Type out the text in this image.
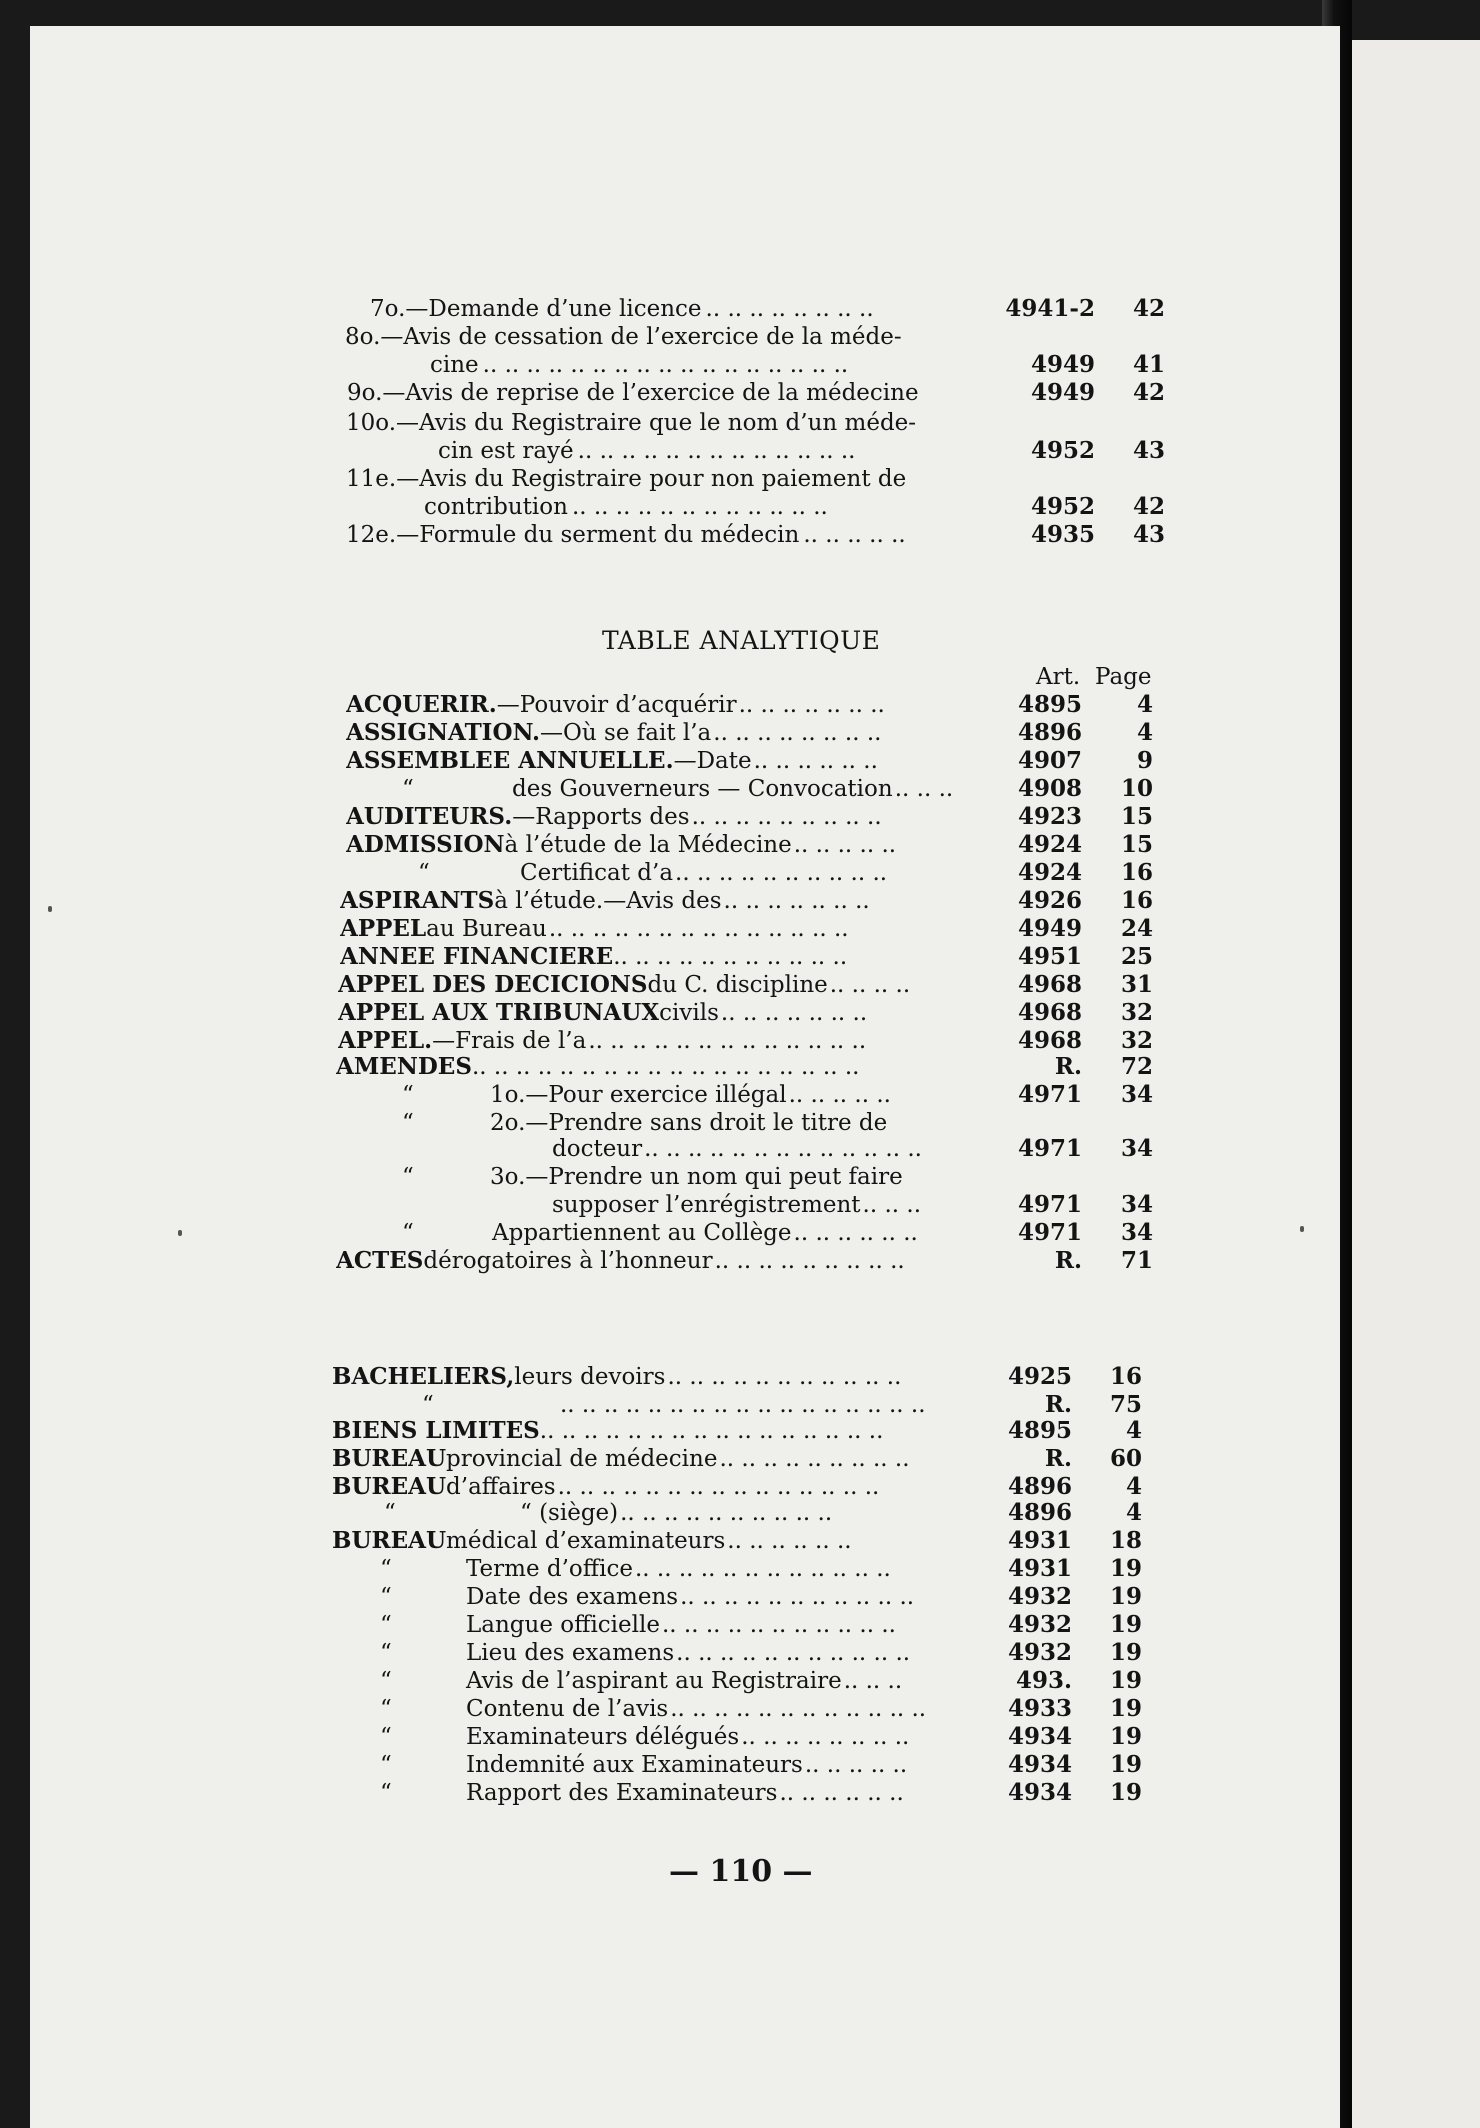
TABLE ANALYTIQUE
Art. Page
— 110 —
7o.—Demande d’une licence .. .. .. .. .. .. .. ..	4941-2	42
8o.—Avis de cessation de l’exercice de la méde-
cine .. .. .. .. .. .. .. .. .. .. .. .. .. .. .. .. ..	4949	41
9o.—Avis de reprise de l’exercice de la médecine	4949	42
10o.—Avis du Registraire que le nom d’un méde-
cin est rayé .. .. .. .. .. .. .. .. .. .. .. .. ..	4952	43
11e.—Avis du Registraire pour non paiement de
contribution .. .. .. .. .. .. .. .. .. .. .. ..	4952	42
12e.—Formule du serment du médecin .. .. .. .. ..	4935	43
ACQUERIR. —Pouvoir d’acquérir .. .. .. .. .. .. ..	4895	4
ASSIGNATION. —Où se fait l’a .. .. .. .. .. .. .. ..	4896	4
ASSEMBLEE ANNUELLE. —Date .. .. .. .. .. ..	4907	9
“	des Gouverneurs — Convocation .. .. ..	4908	10
AUDITEURS. —Rapports des .. .. .. .. .. .. .. .. ..	4923	15
ADMISSION à l’étude de la Médecine .. .. .. .. ..	4924	15
“	Certificat d’a .. .. .. .. .. .. .. .. .. ..	4924	16
ASPIRANTS à l’étude.—Avis des .. .. .. .. .. .. ..	4926	16
APPEL au Bureau .. .. .. .. .. .. .. .. .. .. .. .. .. ..	4949	24
ANNEE FINANCIERE .. .. .. .. .. .. .. .. .. .. ..	4951	25
APPEL DES DECICIONS du C. discipline .. .. .. ..	4968	31
APPEL AUX TRIBUNAUX civils .. .. .. .. .. .. ..	4968	32
APPEL. —Frais de l’a .. .. .. .. .. .. .. .. .. .. .. .. ..	4968	32
AMENDES .. .. .. .. .. .. .. .. .. .. .. .. .. .. .. .. .. ..	R.	72
“	1o.—Pour exercice illégal .. .. .. .. ..	4971	34
“	2o.—Prendre sans droit le titre de
docteur .. .. .. .. .. .. .. .. .. .. .. .. ..	4971	34
“	3o.—Prendre un nom qui peut faire
supposer l’enrégistrement .. .. ..	4971	34
“	Appartiennent au Collège .. .. .. .. .. ..	4971	34
ACTES dérogatoires à l’honneur .. .. .. .. .. .. .. .. ..	R.	71
BACHELIERS, leurs devoirs .. .. .. .. .. .. .. .. .. .. ..	4925	16
“	.. .. .. .. .. .. .. .. .. .. .. .. .. .. .. .. ..	R.	75
BIENS LIMITES .. .. .. .. .. .. .. .. .. .. .. .. .. .. .. ..	4895	4
BUREAU provincial de médecine .. .. .. .. .. .. .. .. ..	R.	60
BUREAU d’affaires .. .. .. .. .. .. .. .. .. .. .. .. .. .. ..	4896	4
“	“ (siège) .. .. .. .. .. .. .. .. .. ..	4896	4
BUREAU médical d’examinateurs .. .. .. .. .. ..	4931	18
“	Terme d’office .. .. .. .. .. .. .. .. .. .. .. ..	4931	19
“	Date des examens .. .. .. .. .. .. .. .. .. .. ..	4932	19
“	Langue officielle .. .. .. .. .. .. .. .. .. .. ..	4932	19
“	Lieu des examens .. .. .. .. .. .. .. .. .. .. ..	4932	19
“	Avis de l’aspirant au Registraire .. .. ..	493.	19
“	Contenu de l’avis .. .. .. .. .. .. .. .. .. .. .. ..	4933	19
“	Examinateurs délégués .. .. .. .. .. .. .. ..	4934	19
“	Indemnité aux Examinateurs .. .. .. .. ..	4934	19
“	Rapport des Examinateurs .. .. .. .. .. ..	4934	19
